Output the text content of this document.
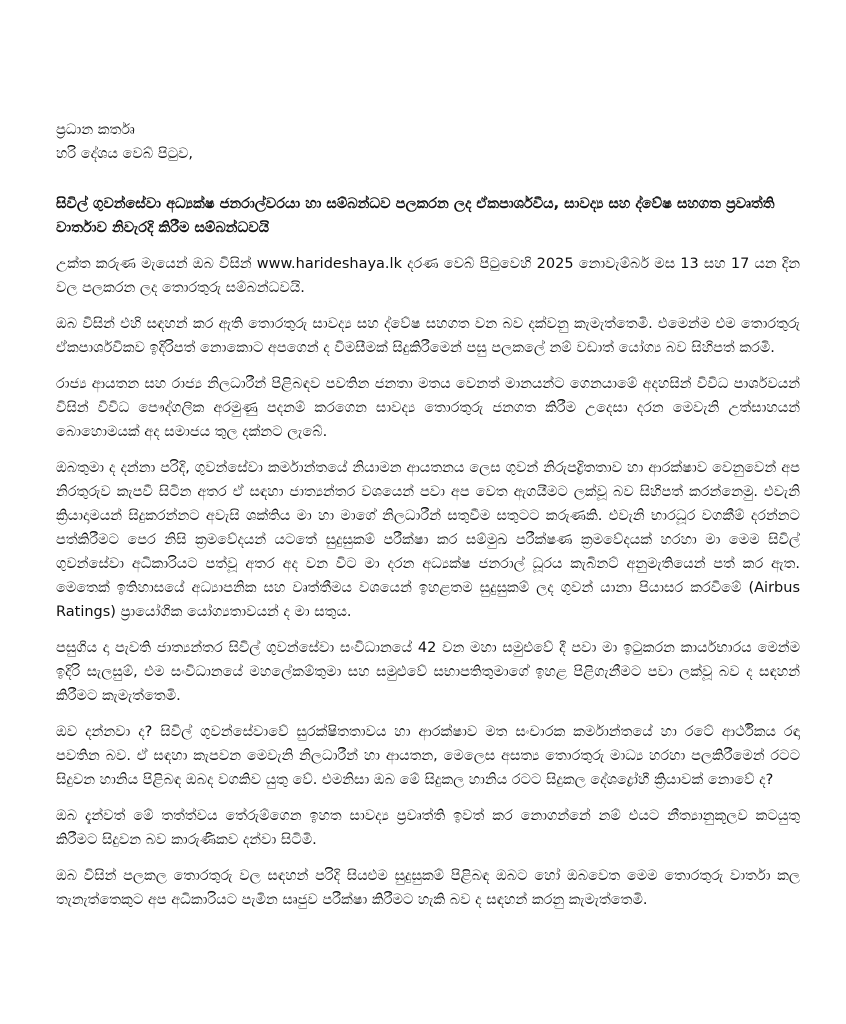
ප්‍රධාන කර්තෘ

හරි දේශය වෙබ් පිටුව,

සිවිල් ගුවන්සේවා අධ්‍යක්ෂ ජනරාල්වරයා හා සම්බන්ධව පලකරන ලද ඒකපාර්ශවීය, සාවද්‍ය සහ ද්වේෂ සහගත ප්‍රවෘත්ති වාර්තාව නිවැරදි කිරීම සම්බන්ධවයි

උක්ත කරුණ මැයෙන් ඔබ විසින් www.harideshaya.lk දරණ වෙබ් පිටුවෙහි 2025 නොවැම්බර් මස 13 සහ 17 යන දින වල පලකරන ලද තොරතුරු සම්බන්ධවයි.

ඔබ විසින් එහි සඳහන් කර ඇති තොරතුරු සාවද්‍ය සහ ද්වේෂ සහගත වන බව දක්වනු කැමැත්තෙමි. එමෙන්ම එම තොරතුරු ඒකපාර්ශවිකව ඉදිරිපත් නොකොට අපගෙන් ද විමසීමක් සිදුකිරීමෙන් පසු පලකලේ නම් වඩාත් යෝග්‍ය බව සිහිපත් කරමි.

රාජ්‍ය ආයතන සහ රාජ්‍ය නිලධාරීන් පිළිබඳව පවතින ජනතා මතය වෙනත් මානයන්ට ගෙනයාමේ අදහසින් විවිධ පාර්ශවයන් විසින් විවිධ පෞද්ගලික අරමුණු පදනම් කරගෙන සාවද්‍ය තොරතුරු ජනගත කිරීම උදෙසා දරන මෙවැනි උත්සාහයන් බොහොමයක් අද සමාජය තුල දක්නට ලැබේ.

ඔබතුමා ද දන්නා පරිදි, ගුවන්සේවා කර්මාන්තයේ නියාමන ආයතනය ලෙස ගුවන් නිරුපද්‍රිතතාව හා ආරක්ෂාව වෙනුවෙන් අප නිරතුරුව කැපවී සිටින අතර ඒ සඳහා ජාත්‍යන්තර වශයෙන් පවා අප වෙත ඇගයීමට ලක්වූ බව සිහිපත් කරන්නෙමු. එවැනි ක්‍රියාදාමයන් සිදුකරන්නට අවැසි ශක්තිය මා හා මාගේ නිලධාරීන් සතුවීම සතුටට කරුණකි. එවැනි භාරධූර වගකීම් දරන්නට පත්කිරීමට පෙර නිසි ක්‍රමවේදයන් යටතේ සුදුසුකම් පරීක්ෂා කර සම්මුඛ පරීක්ෂණ ක්‍රමවේදයක් හරහා මා මෙම සිවිල් ගුවන්සේවා අධිකාරියට පත්වූ අතර අද වන විට මා දරන අධ්‍යක්ෂ ජනරාල් ධූරය කැබිනට් අනුමැතියෙන් පත් කර ඇත. මෙතෙක් ඉතිහාසයේ අධ්‍යාපනික සහ වෘත්තීමය වශයෙන් ඉහළතම සුදුසුකම් ලද ගුවන් යානා පියාසර කරවීමේ (Airbus Ratings) ප්‍රායෝගික යෝග්‍යතාවයන් ද මා සතුය.

පසුගිය දා පැවති ජාත්‍යන්තර සිවිල් ගුවන්සේවා සංවිධානයේ 42 වන මහා සමුළුවේ දී පවා මා ඉටුකරන කාර්යභාරය මෙන්ම ඉදිරි සැලසුම්, එම සංවිධානයේ මහලේකම්තුමා සහ සමුළුවේ සභාපතිතුමාගේ ඉහළ පිළිගැනීමට පවා ලක්වූ බව ද සඳහන් කිරීමට කැමැත්තෙමි.

ඔව දන්නවා ද? සිවිල් ගුවන්සේවාවේ සුරක්ෂිතතාවය හා ආරක්ෂාව මත සංචාරක කර්මාන්තයේ හා රටේ ආර්ථිකය රඳා පවතින බව. ඒ සඳහා කැපවන මෙවැනි නිලධාරීන් හා ආයතන, මෙලෙස අසත්‍ය තොරතුරු මාධ්‍ය හරහා පලකිරීමෙන් රටට සිදුවන හානිය පිළිබඳ ඔබද වගකිව යුතු වේ. එමනිසා ඔබ මේ සිදුකල හානිය රටට සිදුකල දේශද්‍රෝහී ක්‍රියාවක් නොවේ ද?

ඔබ දැන්වත් මේ තත්ත්වය තේරුම්ගෙන ඉහත සාවද්‍ය ප්‍රවෘත්ති ඉවත් කර නොගන්නේ නම් එයට නීත්‍යානුකූලව කටයුතු කිරීමට සිදුවන බව කාරුණිකව දන්වා සිටිමි.

ඔබ විසින් පලකල තොරතුරු වල සඳහන් පරිදි සියළුම සුදුසුකම් පිළිබඳ ඔබට හෝ ඔබවෙත මෙම තොරතුරු වාර්තා කල තැනැත්තෙකුට අප අධිකාරියට පැමින සෘජුව පරීක්ෂා කිරීමට හැකි බව ද සඳහන් කරනු කැමැත්තෙමි.
